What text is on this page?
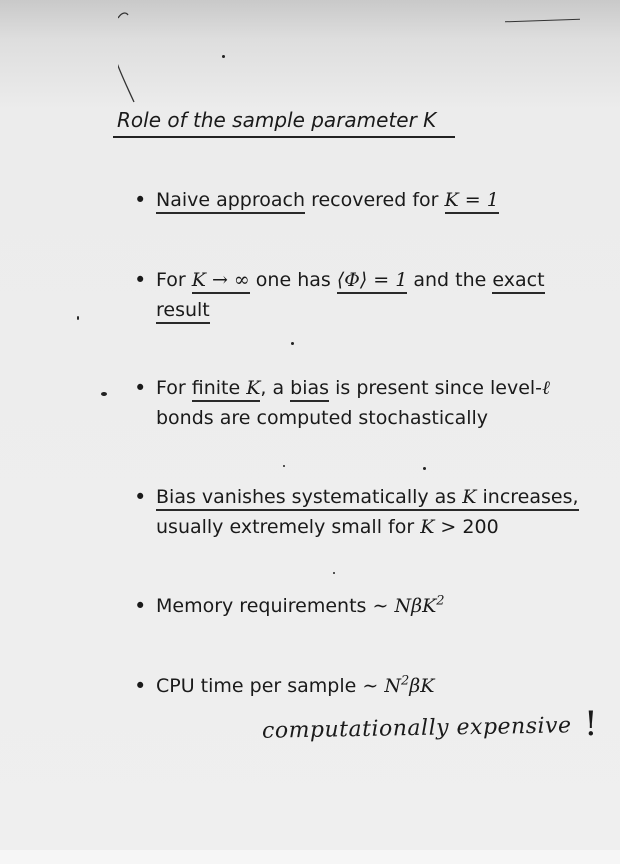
Role of the sample parameter K
• Naive approach recovered for K = 1
• For K → ∞ one has ⟨Φ⟩ = 1 and the exact
result
• For finite K, a bias is present since level-ℓ
bonds are computed stochastically
• Bias vanishes systematically as K increases,
usually extremely small for K > 200
• Memory requirements ∼ NβK$^2$
• CPU time per sample ∼ $N^2\beta K$
computationally expensive !
